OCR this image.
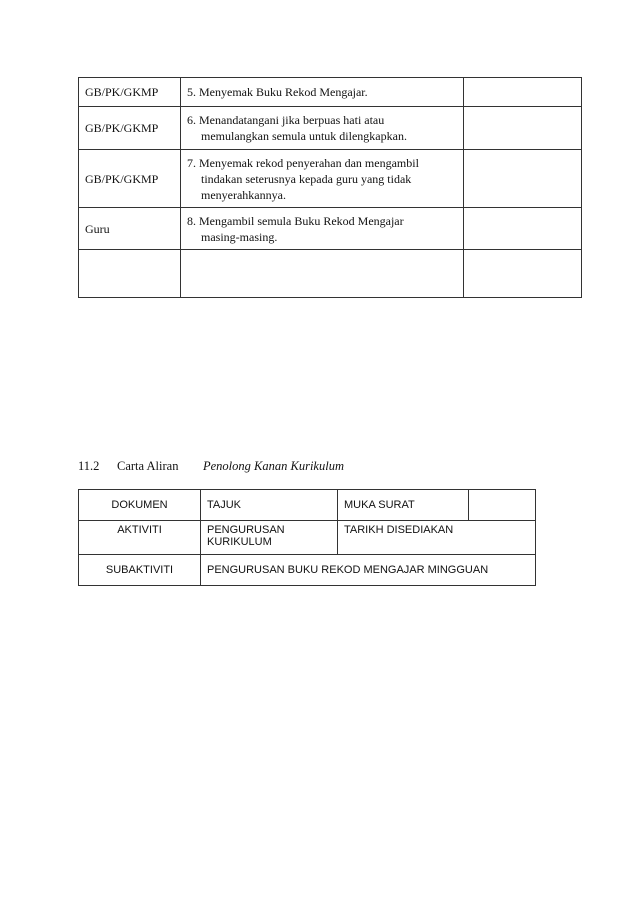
GB/PK/GKMP	5. Menyemak Buku Rekod Mengajar.	
GB/PK/GKMP	6. Menandatangani jika berpuas hati atau
memulangkan semula untuk dilengkapkan.	

GB/PK/GKMP	7. Menyemak rekod penyerahan dan mengambil
tindakan seterusnya kepada guru yang tidak menyerahkannya.	

Guru	8. Mengambil semula Buku Rekod Mengajar
masing-masing.	

11.2	Carta Aliran	Penolong Kanan Kurikulum
DOKUMEN	TAJUK	MUKA SURAT	
AKTIVITI	PENGURUSAN KURIKULUM	TARIKH DISEDIAKAN	
SUBAKTIVITI	PENGURUSAN BUKU REKOD MENGAJAR MINGGUAN		
